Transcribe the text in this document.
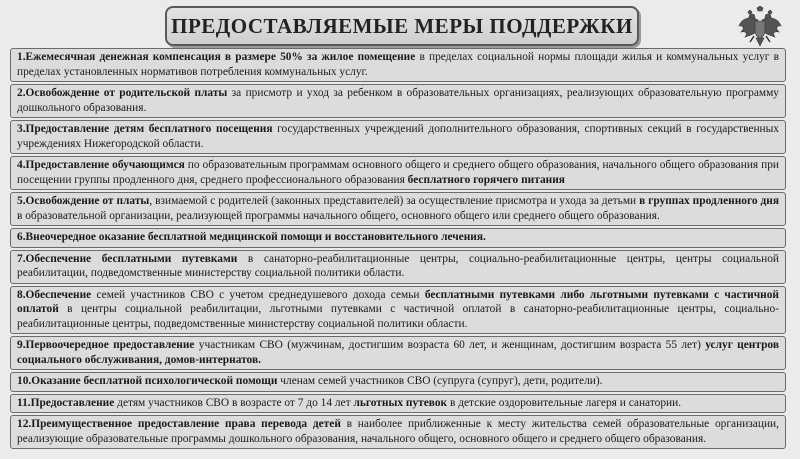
ПРЕДОСТАВЛЯЕМЫЕ МЕРЫ ПОДДЕРЖКИ
1.Ежемесячная денежная компенсация в размере 50% за жилое помещение в пределах социальной нормы площади жилья и коммунальных услуг в пределах установленных нормативов потребления коммунальных услуг.
2.Освобождение от родительской платы за присмотр и уход за ребенком в образовательных организациях, реализующих образовательную программу дошкольного образования.
3.Предоставление детям бесплатного посещения государственных учреждений дополнительного образования, спортивных секций в государственных учреждениях Нижегородской области.
4.Предоставление обучающимся по образовательным программам основного общего и среднего общего образования, начального общего образования при посещении группы продленного дня, среднего профессионального образования бесплатного горячего питания
5.Освобождение от платы, взимаемой с родителей (законных представителей) за осуществление присмотра и ухода за детьми в группах продленного дня в образовательной организации, реализующей программы начального общего, основного общего или среднего общего образования.
6.Внеочередное оказание бесплатной медицинской помощи и восстановительного лечения.
7.Обеспечение бесплатными путевками в санаторно-реабилитационные центры, социально-реабилитационные центры, центры социальной реабилитации, подведомственные министерству социальной политики области.
8.Обеспечение семей участников СВО с учетом среднедушевого дохода семьи бесплатными путевками либо льготными путевками с частичной оплатой в центры социальной реабилитации, льготными путевками с частичной оплатой в санаторно-реабилитационные центры, социально-реабилитационные центры, подведомственные министерству социальной политики области.
9.Первоочередное предоставление участникам СВО (мужчинам, достигшим возраста 60 лет, и женщинам, достигшим возраста 55 лет) услуг центров социального обслуживания, домов-интернатов.
10.Оказание бесплатной психологической помощи членам семей участников СВО (супруга (супруг), дети, родители).
11.Предоставление детям участников СВО в возрасте от 7 до 14 лет льготных путевок в детские оздоровительные лагеря и санатории.
12.Преимущественное предоставление права перевода детей в наиболее приближенные к месту жительства семей образовательные организации, реализующие образовательные программы дошкольного образования, начального общего, основного общего и среднего общего образования.
